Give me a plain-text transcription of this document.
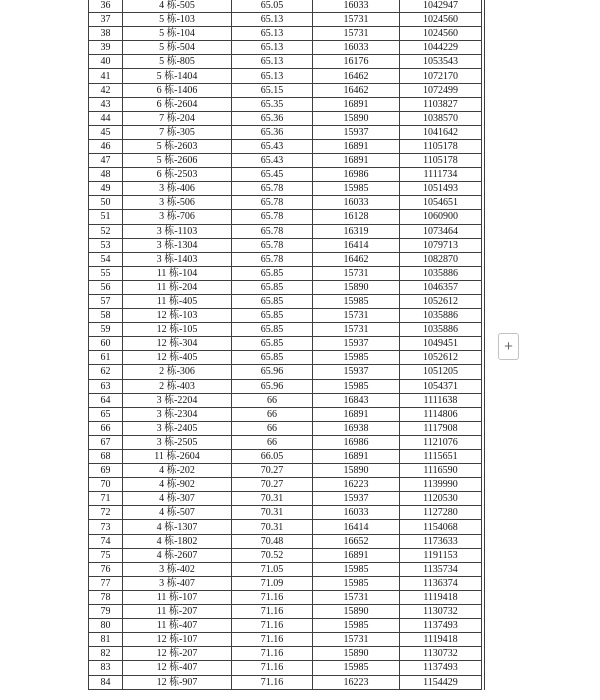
36	4 栋-505	65.05	16033	1042947
37	5 栋-103	65.13	15731	1024560
38	5 栋-104	65.13	15731	1024560
39	5 栋-504	65.13	16033	1044229
40	5 栋-805	65.13	16176	1053543
41	5 栋-1404	65.13	16462	1072170
42	6 栋-1406	65.15	16462	1072499
43	6 栋-2604	65.35	16891	1103827
44	7 栋-204	65.36	15890	1038570
45	7 栋-305	65.36	15937	1041642
46	5 栋-2603	65.43	16891	1105178
47	5 栋-2606	65.43	16891	1105178
48	6 栋-2503	65.45	16986	1111734
49	3 栋-406	65.78	15985	1051493
50	3 栋-506	65.78	16033	1054651
51	3 栋-706	65.78	16128	1060900
52	3 栋-1103	65.78	16319	1073464
53	3 栋-1304	65.78	16414	1079713
54	3 栋-1403	65.78	16462	1082870
55	11 栋-104	65.85	15731	1035886
56	11 栋-204	65.85	15890	1046357
57	11 栋-405	65.85	15985	1052612
58	12 栋-103	65.85	15731	1035886
59	12 栋-105	65.85	15731	1035886
60	12 栋-304	65.85	15937	1049451
61	12 栋-405	65.85	15985	1052612
62	2 栋-306	65.96	15937	1051205
63	2 栋-403	65.96	15985	1054371
64	3 栋-2204	66	16843	1111638
65	3 栋-2304	66	16891	1114806
66	3 栋-2405	66	16938	1117908
67	3 栋-2505	66	16986	1121076
68	11 栋-2604	66.05	16891	1115651
69	4 栋-202	70.27	15890	1116590
70	4 栋-902	70.27	16223	1139990
71	4 栋-307	70.31	15937	1120530
72	4 栋-507	70.31	16033	1127280
73	4 栋-1307	70.31	16414	1154068
74	4 栋-1802	70.48	16652	1173633
75	4 栋-2607	70.52	16891	1191153
76	3 栋-402	71.05	15985	1135734
77	3 栋-407	71.09	15985	1136374
78	11 栋-107	71.16	15731	1119418
79	11 栋-207	71.16	15890	1130732
80	11 栋-407	71.16	15985	1137493
81	12 栋-107	71.16	15731	1119418
82	12 栋-207	71.16	15890	1130732
83	12 栋-407	71.16	15985	1137493
84	12 栋-907	71.16	16223	1154429
+
